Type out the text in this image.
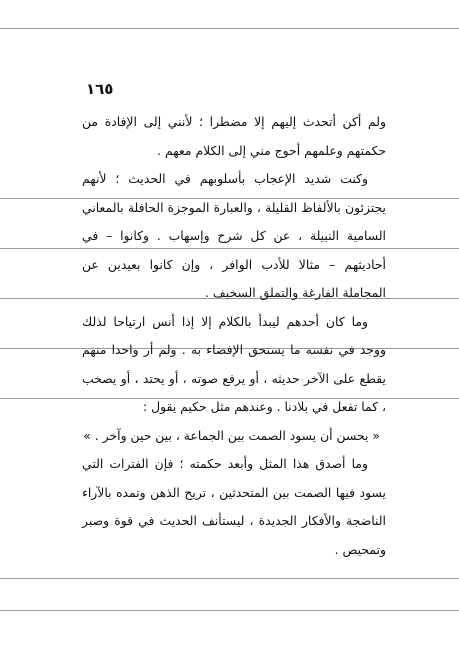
١٦٥

ولم أكن أتحدث إليهم إلا مضطرا ؛ لأنني إلى الإفادة من حكمتهم وعلمهم أحوج مني إلى الكلام معهم .

وكنت شديد الإعجاب بأسلوبهم في الحديث ؛ لأنهم يجتزئون بالألفاظ القليلة ، والعبارة الموجزة الحافلة بالمعاني السامية النبيلة ، عن كل شرح وإسهاب . وكانوا – في أحاديثهم – مثالا للأدب الوافر ، وإن كانوا بعيدين عن المجاملة الفارغة والتملق السخيف .

وما كان أحدهم ليبدأ بالكلام إلا إذا أنس ارتياحا لذلك ووجد في نفسه ما يستحق الإفضاء به . ولم أر واحدا منهم يقطع على الآخر حديثه ، أو يرفع صوته ، أو يحتد ، أو يصخب ، كما تفعل في بلادنا . وعندهم مثل حكيم يقول :

« يحسن أن يسود الصمت بين الجماعة ، بين حين وآخر . »

وما أصدق هذا المثل وأبعد حكمته ؛ فإن الفترات التي يسود فيها الصمت بين المتحدثين ، تريح الذهن وتمده بالآراء الناضجة والأفكار الجديدة ، ليستأنف الحديث في قوة وصبر وتمحيص .
